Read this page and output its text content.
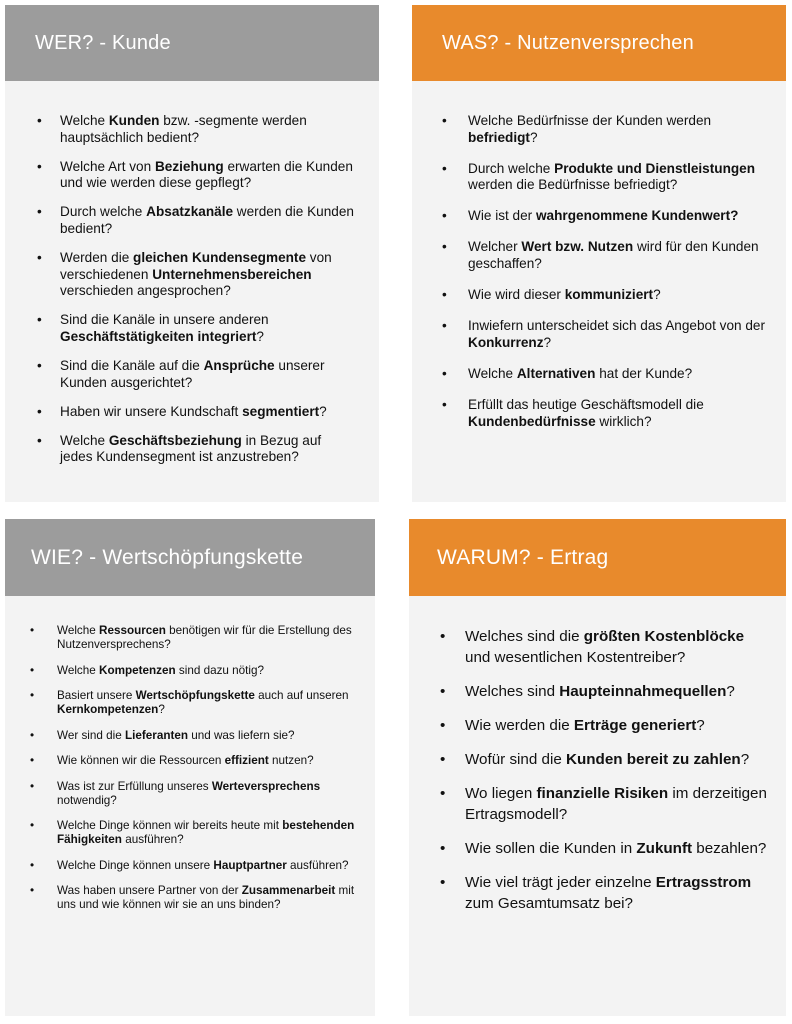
WER? - Kunde
• Welche Kunden bzw. -segmente werden hauptsächlich bedient?
• Welche Art von Beziehung erwarten die Kunden und wie werden diese gepflegt?
• Durch welche Absatzkanäle werden die Kunden bedient?
• Werden die gleichen Kundensegmente von verschiedenen Unternehmensbereichen verschieden angesprochen?
• Sind die Kanäle in unsere anderen Geschäftstätigkeiten integriert?
• Sind die Kanäle auf die Ansprüche unserer Kunden ausgerichtet?
• Haben wir unsere Kundschaft segmentiert?
• Welche Geschäftsbeziehung in Bezug auf jedes Kundensegment ist anzustreben?
WAS? - Nutzenversprechen
• Welche Bedürfnisse der Kunden werden befriedigt?
• Durch welche Produkte und Dienstleistungen werden die Bedürfnisse befriedigt?
• Wie ist der wahrgenommene Kundenwert?
• Welcher Wert bzw. Nutzen wird für den Kunden geschaffen?
• Wie wird dieser kommuniziert?
• Inwiefern unterscheidet sich das Angebot von der Konkurrenz?
• Welche Alternativen hat der Kunde?
• Erfüllt das heutige Geschäftsmodell die Kundenbedürfnisse wirklich?
WIE? - Wertschöpfungskette
• Welche Ressourcen benötigen wir für die Erstellung des Nutzenversprechens?
• Welche Kompetenzen sind dazu nötig?
• Basiert unsere Wertschöpfungskette auch auf unseren Kernkompetenzen?
• Wer sind die Lieferanten und was liefern sie?
• Wie können wir die Ressourcen effizient nutzen?
• Was ist zur Erfüllung unseres Werteversprechens notwendig?
• Welche Dinge können wir bereits heute mit bestehenden Fähigkeiten ausführen?
• Welche Dinge können unsere Hauptpartner ausführen?
• Was haben unsere Partner von der Zusammenarbeit mit uns und wie können wir sie an uns binden?
WARUM? - Ertrag
• Welches sind die größten Kostenblöcke und wesentlichen Kostentreiber?
• Welches sind Haupteinnahmequellen?
• Wie werden die Erträge generiert?
• Wofür sind die Kunden bereit zu zahlen?
• Wo liegen finanzielle Risiken im derzeitigen Ertragsmodell?
• Wie sollen die Kunden in Zukunft bezahlen?
• Wie viel trägt jeder einzelne Ertragsstrom zum Gesamtumsatz bei?
